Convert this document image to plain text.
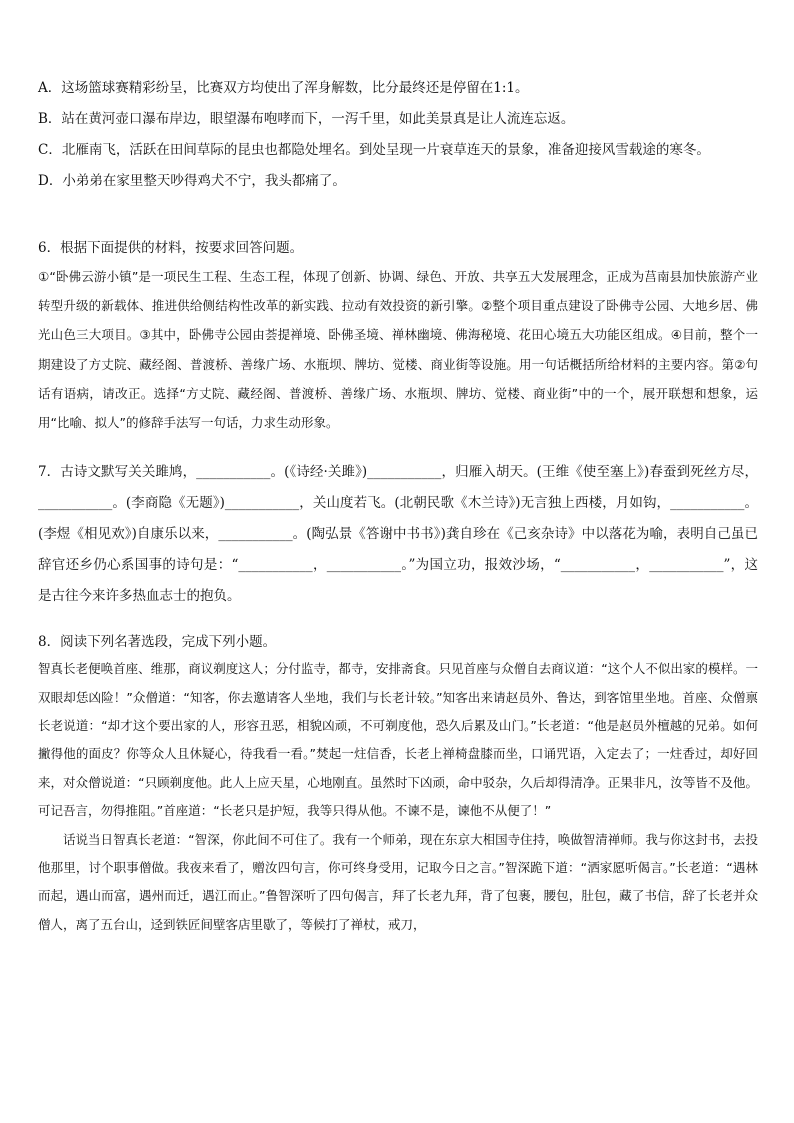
A．这场篮球赛精彩纷呈，比赛双方均使出了浑身解数，比分最终还是停留在1:1。

B．站在黄河壶口瀑布岸边，眼望瀑布咆哮而下，一泻千里，如此美景真是让人流连忘返。

C．北雁南飞，活跃在田间草际的昆虫也都隐处埋名。到处呈现一片衰草连天的景象，准备迎接风雪载途的寒冬。

D．小弟弟在家里整天吵得鸡犬不宁，我头都痛了。

6．根据下面提供的材料，按要求回答问题。

①“卧佛云游小镇”是一项民生工程、生态工程，体现了创新、协调、绿色、开放、共享五大发展理念，正成为莒南县加快旅游产业转型升级的新载体、推进供给侧结构性改革的新实践、拉动有效投资的新引擎。②整个项目重点建设了卧佛寺公园、大地乡居、佛光山色三大项目。③其中，卧佛寺公园由荟提禅境、卧佛圣境、禅林幽境、佛海秘境、花田心境五大功能区组成。④目前，整个一期建设了方丈院、藏经阁、普渡桥、善缘广场、水瓶坝、牌坊、觉楼、商业街等设施。用一句话概括所给材料的主要内容。第②句话有语病，请改正。选择“方丈院、藏经阁、普渡桥、善缘广场、水瓶坝、牌坊、觉楼、商业街”中的一个，展开联想和想象，运用“比喻、拟人”的修辞手法写一句话，力求生动形象。

7．古诗文默写关关雎鸠，___________。(《诗经·关雎》)___________，归雁入胡天。(王维《使至塞上》)春蚕到死丝方尽，___________。(李商隐《无题》)___________，关山度若飞。(北朝民歌《木兰诗》)无言独上西楼，月如钩，___________。(李煜《相见欢》)自康乐以来，___________。(陶弘景《答谢中书书》)龚自珍在《己亥杂诗》中以落花为喻，表明自己虽已辞官还乡仍心系国事的诗句是：“___________，___________。”为国立功，报效沙场，“___________，___________”，这是古往今来许多热血志士的抱负。

8．阅读下列名著选段，完成下列小题。

智真长老便唤首座、维那，商议剃度这人；分付监寺，都寺，安排斋食。只见首座与众僧自去商议道：“这个人不似出家的模样。一双眼却恁凶险！”众僧道：“知客，你去邀请客人坐地，我们与长老计较。”知客出来请赵员外、鲁达，到客馆里坐地。首座、众僧禀长老说道：“却才这个要出家的人，形容丑恶，相貌凶顽，不可剃度他，恐久后累及山门。”长老道：“他是赵员外檀越的兄弟。如何撇得他的面皮？你等众人且休疑心，待我看一看。”焚起一炷信香，长老上禅椅盘膝而坐，口诵咒语，入定去了；一炷香过，却好回来，对众僧说道：“只顾剃度他。此人上应天星，心地刚直。虽然时下凶顽，命中驳杂，久后却得清净。正果非凡，汝等皆不及他。可记吾言，勿得推阻。”首座道：“长老只是护短，我等只得从他。不谏不是，谏他不从便了！”

话说当日智真长老道：“智深，你此间不可住了。我有一个师弟，现在东京大相国寺住持，唤做智清禅师。我与你这封书，去投他那里，讨个职事僧做。我夜来看了，赠汝四句言，你可终身受用，记取今日之言。”智深跪下道：“洒家愿听偈言。”长老道：“遇林而起，遇山而富，遇州而迁，遇江而止。”鲁智深听了四句偈言，拜了长老九拜，背了包裹，腰包，肚包，藏了书信，辞了长老并众僧人，离了五台山，迳到铁匠间壁客店里歇了，等候打了禅杖，戒刀，
